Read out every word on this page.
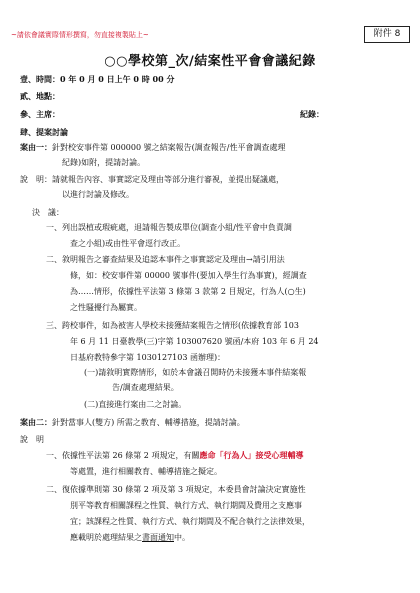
~請依會議實際情形撰寫，勿直接複製貼上~	附件 8
○○學校第_次/結案性平會會議紀錄
壹、時間：0 年 0 月 0 日上午 0 時 00 分
貳、地點：
參、主席：	紀錄：
肆、提案討論
案由一：針對校安事件第 000000 號之結案報告(調查報告/性平會調查處理
紀錄)如附，提請討論。
說　明：請就報告內容、事實認定及理由等部分進行審視，並提出疑議處，
以進行討論及修改。
決　議：
一、列出誤植或瑕疵處，退請報告製成單位(調查小組/性平會中負責調
查之小組)或由性平會逕行改正。
二、敘明報告之審查結果及追認本事件之事實認定及理由→請引用法
條，如：校安事件第 00000 號事件(要加入學生行為事實)，經調查
為……情形，依據性平法第 3 條第 3 款第 2 目規定，行為人(○生)
之性騷擾行為屬實。
三、跨校事件，如為被害人學校未接獲結案報告之情形(依據教育部 103
年 6 月 11 日臺教學(三)字第 103007620 號函/本府 103 年 6 月 24
日基府教特參字第 1030127103 函辦理)：
(一)請敘明實際情形，如於本會議召開時仍未接獲本事件結案報
告/調查處理結果。
(二)直接進行案由二之討論。
案由二：針對當事人(雙方) 所需之教育、輔導措施，提請討論。
說　明
一、依據性平法第 26 條第 2 項規定，有關應命「行為人」接受心理輔導
等處置，進行相關教育、輔導措施之擬定。
二、復依據準則第 30 條第 2 項及第 3 項規定，本委員會討論決定實施性
別平等教育相關課程之性質、執行方式、執行期間及費用之支應事
宜；該課程之性質、執行方式、執行期間及不配合執行之法律效果，
應載明於處理結果之書面通知中。
